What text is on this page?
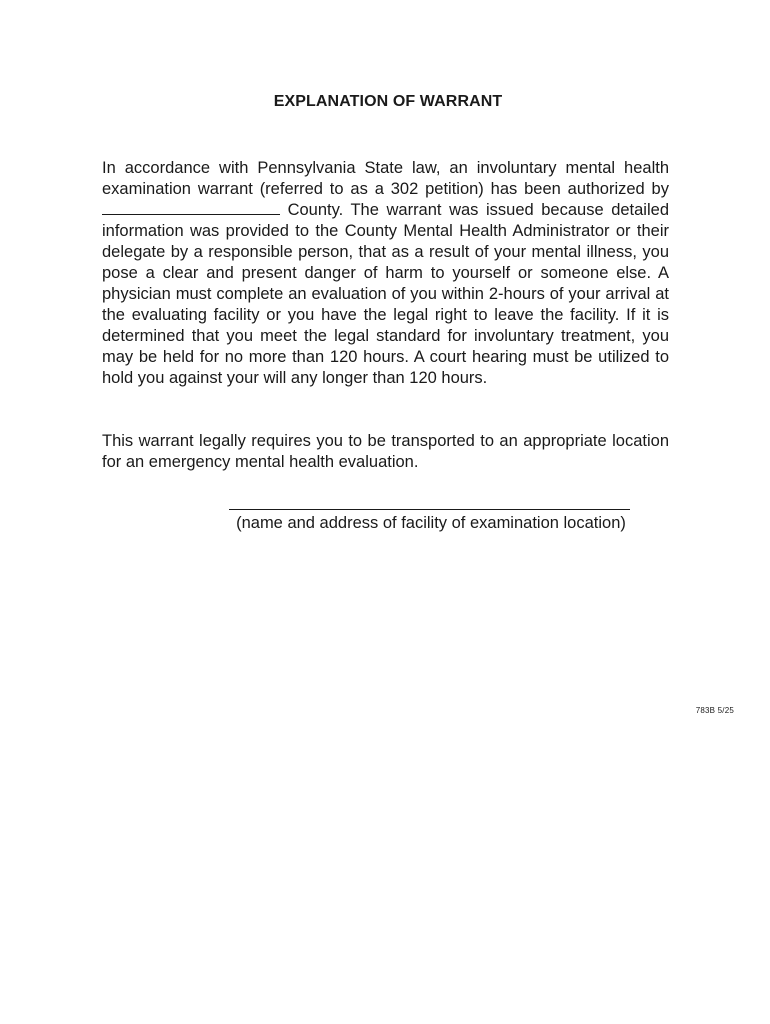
EXPLANATION OF WARRANT

In accordance with Pennsylvania State law, an involuntary mental health examination warrant (referred to as a 302 petition) has been authorized by  County. The warrant was issued because detailed information was provided to the County Mental Health Administrator or their delegate by a responsible person, that as a result of your mental illness, you pose a clear and present danger of harm to yourself or someone else. A physician must complete an evaluation of you within 2-hours of your arrival at the evaluating facility or you have the legal right to leave the facility. If it is determined that you meet the legal standard for involuntary treatment, you may be held for no more than 120 hours. A court hearing must be utilized to hold you against your will any longer than 120 hours.

This warrant legally requires you to be transported to an appropriate location for an emergency mental health evaluation.

(name and address of facility of examination location)
783B 5/25
